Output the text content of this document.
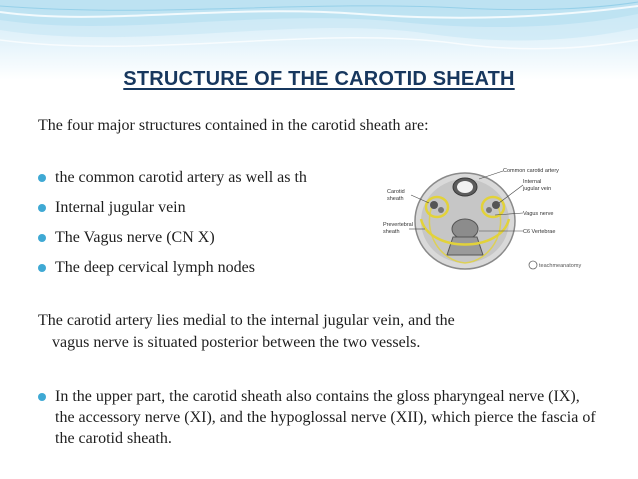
STRUCTURE OF THE CAROTID SHEATH
The four major structures contained in the carotid sheath are:
the common carotid artery as well as th
Internal jugular vein
The Vagus nerve (CN X)
The deep cervical lymph nodes
Common carotid artery
Internal
jugular vein
Carotid
sheath
Vagus nerve
Prevertebral
sheath	C6 Vertebrae
teachmeanatomy
The carotid artery lies medial to the internal jugular vein, and the
vagus nerve is situated posterior between the two vessels.
In the upper part, the carotid sheath also contains the gloss pharyngeal nerve (IX), the accessory nerve (XI), and the hypoglossal nerve (XII), which pierce the fascia of the carotid sheath.
